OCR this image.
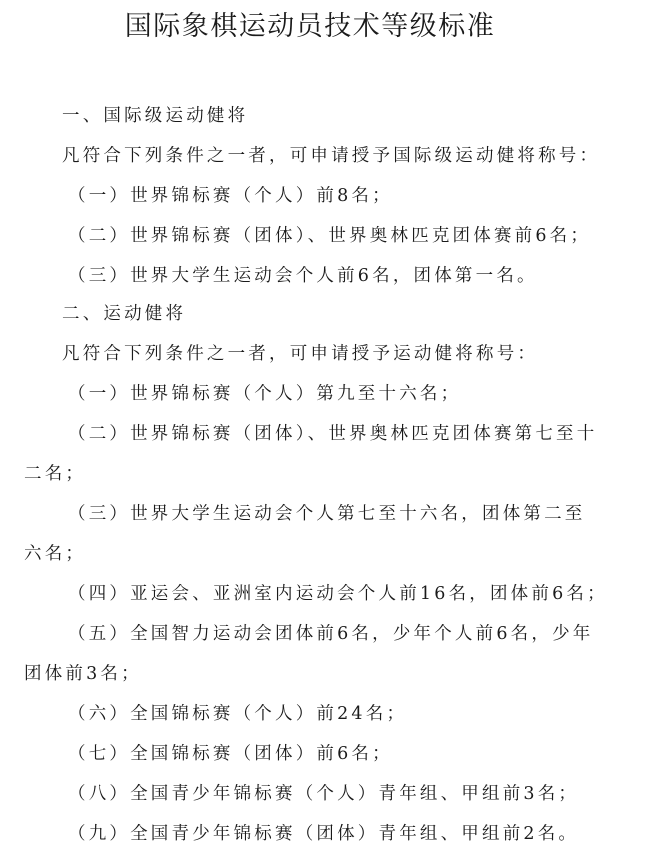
国际象棋运动员技术等级标准

一、国际级运动健将

凡符合下列条件之一者，可申请授予国际级运动健将称号：

（一）世界锦标赛（个人）前8名；

（二）世界锦标赛（团体）、世界奥林匹克团体赛前6名；

（三）世界大学生运动会个人前6名，团体第一名。

二、运动健将

凡符合下列条件之一者，可申请授予运动健将称号：

（一）世界锦标赛（个人）第九至十六名；

（二）世界锦标赛（团体）、世界奥林匹克团体赛第七至十

二名；

（三）世界大学生运动会个人第七至十六名，团体第二至

六名；

（四）亚运会、亚洲室内运动会个人前16名，团体前6名；

（五）全国智力运动会团体前6名，少年个人前6名，少年

团体前3名；

（六）全国锦标赛（个人）前24名；

（七）全国锦标赛（团体）前6名；

（八）全国青少年锦标赛（个人）青年组、甲组前3名；

（九）全国青少年锦标赛（团体）青年组、甲组前2名。
